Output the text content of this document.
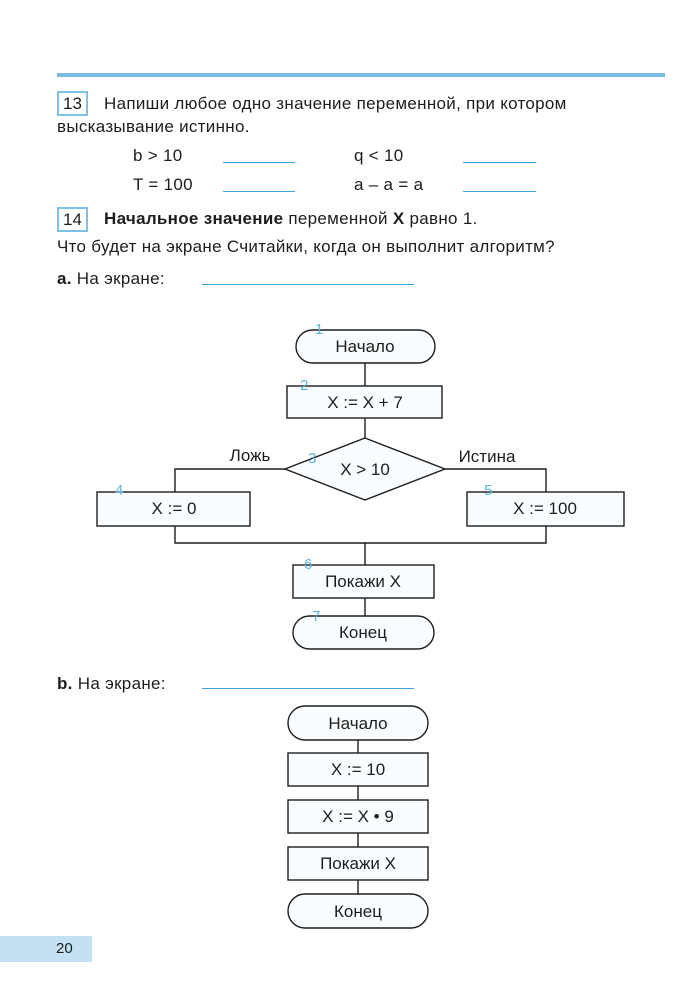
13	Напиши любое одно значение переменной, при котором
высказывание истинно.
b > 10	q < 10
T = 100	a – a = a
14	Начальное значение переменной X равно 1.
Что будет на экране Считайки, когда он выполнит алгоритм?
a. На экране:
b. На экране:
Начало
X := X + 7
X > 10
Ложь	Истина
X := 0	X := 100
Покажи X
Конец
1
2
3
4	5
6
7
Начало
X := 10
X := X • 9
Покажи X
Конец
20
